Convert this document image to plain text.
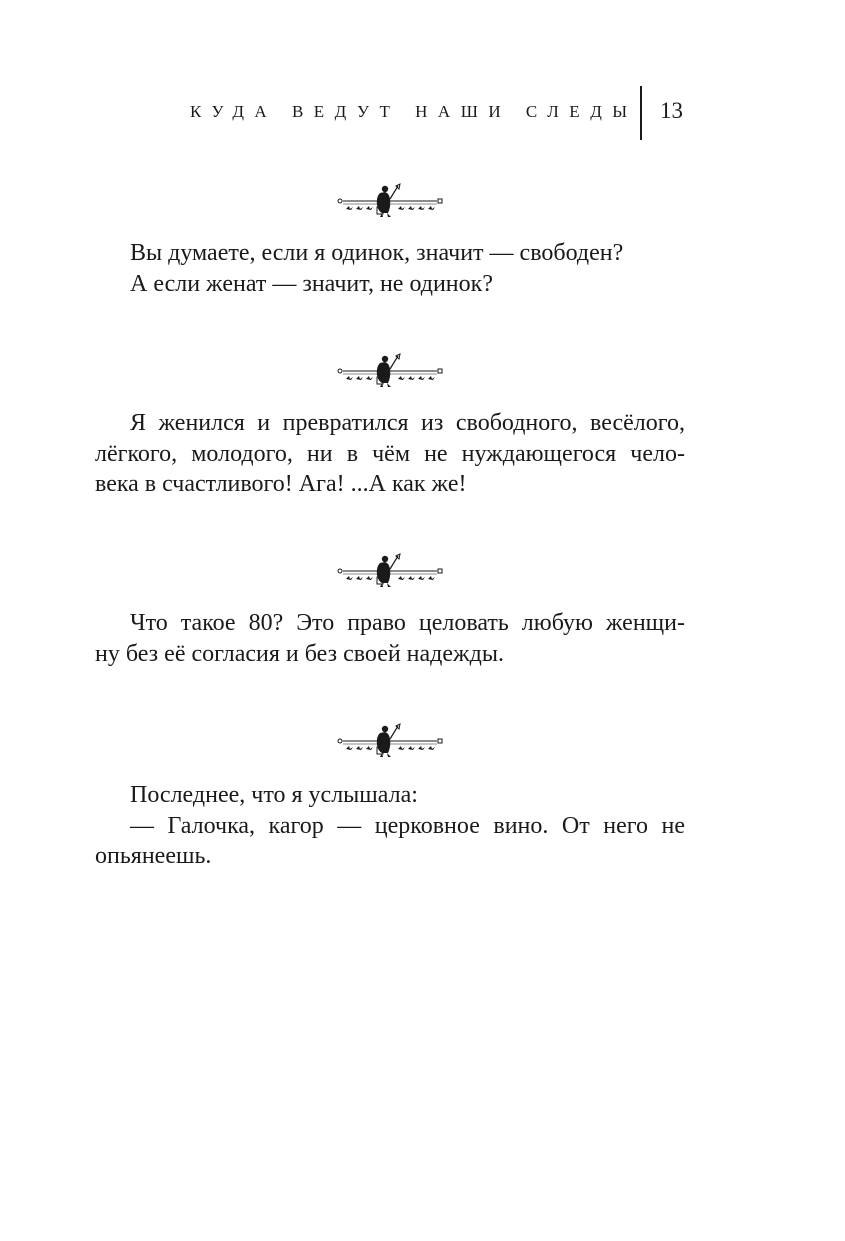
КУДА ВЕДУТ НАШИ СЛЕДЫ 13
Вы думаете, если я одинок, значит — свободен?
А если женат — значит, не одинок?
Я женился и превратился из свободного, весёлого,
лёгкого, молодого, ни в чём не нуждающегося чело-
века в счастливого! Ага! ...А как же!
Что такое 80? Это право целовать любую женщи-
ну без её согласия и без своей надежды.
Последнее, что я услышала:
— Галочка, кагор — церковное вино. От него не
опьянеешь.
